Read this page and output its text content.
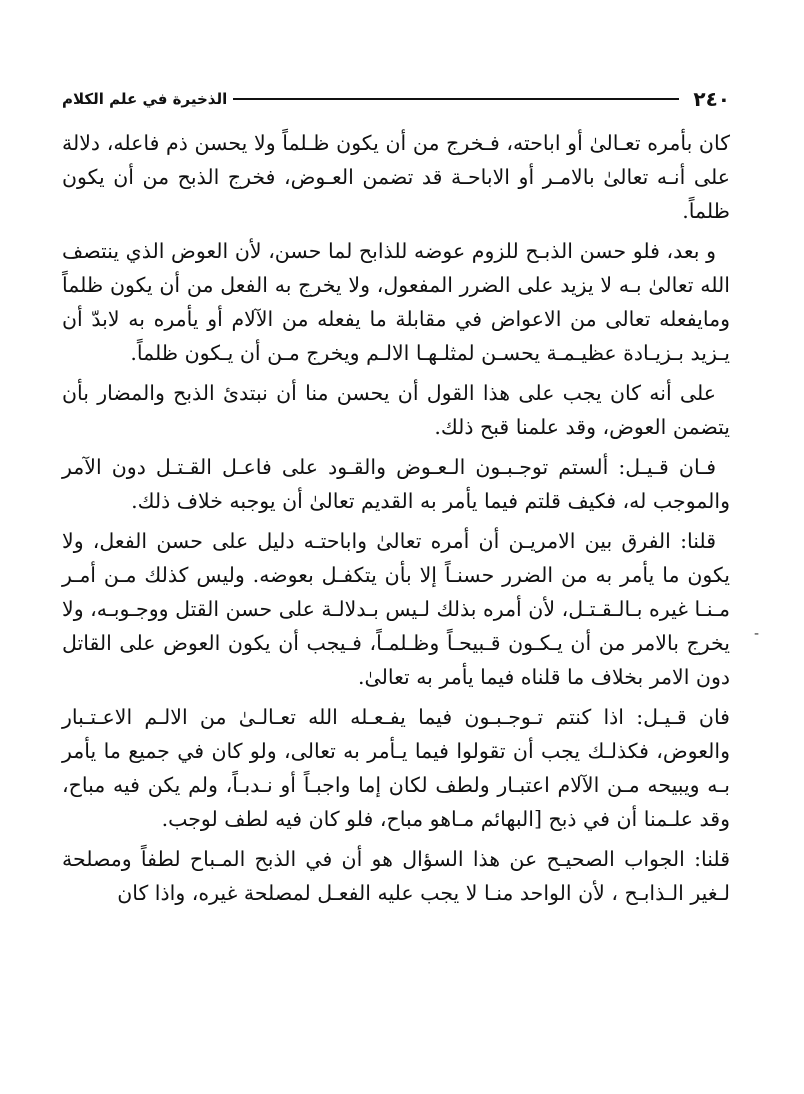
٢٤٠
الذخيرة في علم الكلام

كان بأمره تعـالىٰ أو اباحته، فـخرج من أن يكون ظـلماً ولا يحسن ذم فاعله، دلالة على أنـه تعالىٰ بالامـر أو الاباحـة قد تضمن العـوض، فخرج الذبح من أن يكون ظلماً.

و بعد، فلو حسن الذبـح للزوم عوضه للذابح لما حسن، لأن العوض الذي ينتصف الله تعالىٰ بـه لا يزيد على الضرر المفعول، ولا يخرج به الفعل من أن يكون ظلماً ومايفعله تعالى من الاعواض في مقابلة ما يفعله من الآلام أو يأمره به لابدّ أن يـزيد بـزيـادة عظيـمـة يحسـن لمثلـهـا الالـم ويخرج مـن أن يـكون ظلماً.

على أنه كان يجب على هذا القول أن يحسن منا أن نبتدئ الذبح والمضار بأن يتضمن العوض، وقد علمنا قبح ذلك.

فـان قـيـل: ألستم توجـبـون الـعـوض والقـود على فاعـل القـتـل دون الآمر والموجب له، فكيف قلتم فيما يأمر به القديم تعالىٰ أن يوجبه خلاف ذلك.

قلنا: الفرق بين الامريـن أن أمره تعالىٰ واباحتـه دليل على حسن الفعل، ولا يكون ما يأمر به من الضرر حسنـاً إلا بأن يتكفـل بعوضه. وليس كذلك مـن أمـر مـنـا غيره بـالـقـتـل، لأن أمره بذلك لـيس بـدلالـة على حسن القتل ووجـوبـه، ولا يخرج بالامر من أن يـكـون قـبيحـاً وظـلمـاً، فـيجب أن يكون العوض على القاتل دون الامر بخلاف ما قلناه فيما يأمر به تعالىٰ.

فان قـيـل: اذا كنتم تـوجـبـون فيما يفـعـله الله تعـالـىٰ من الالـم الاعـتـبار والعوض، فكذلـك يجب أن تقولوا فيما يـأمر به تعالى، ولو كان في جميع ما يأمر بـه ويبيحه مـن الآلام اعتبـار ولطف لكان إما واجبـاً أو نـدبـاً، ولم يكن فيه مباح، وقد علـمنا أن في ذبح [البهائم مـاهو مباح، فلو كان فيه لطف لوجب.

قلنا: الجواب الصحيـح عن هذا السؤال هو أن في الذبح المـباح لطفاً ومصلحة لـغير الـذابـح ، لأن الواحد منـا لا يجب عليه الفعـل لمصلحة غيره، واذا كان

-
